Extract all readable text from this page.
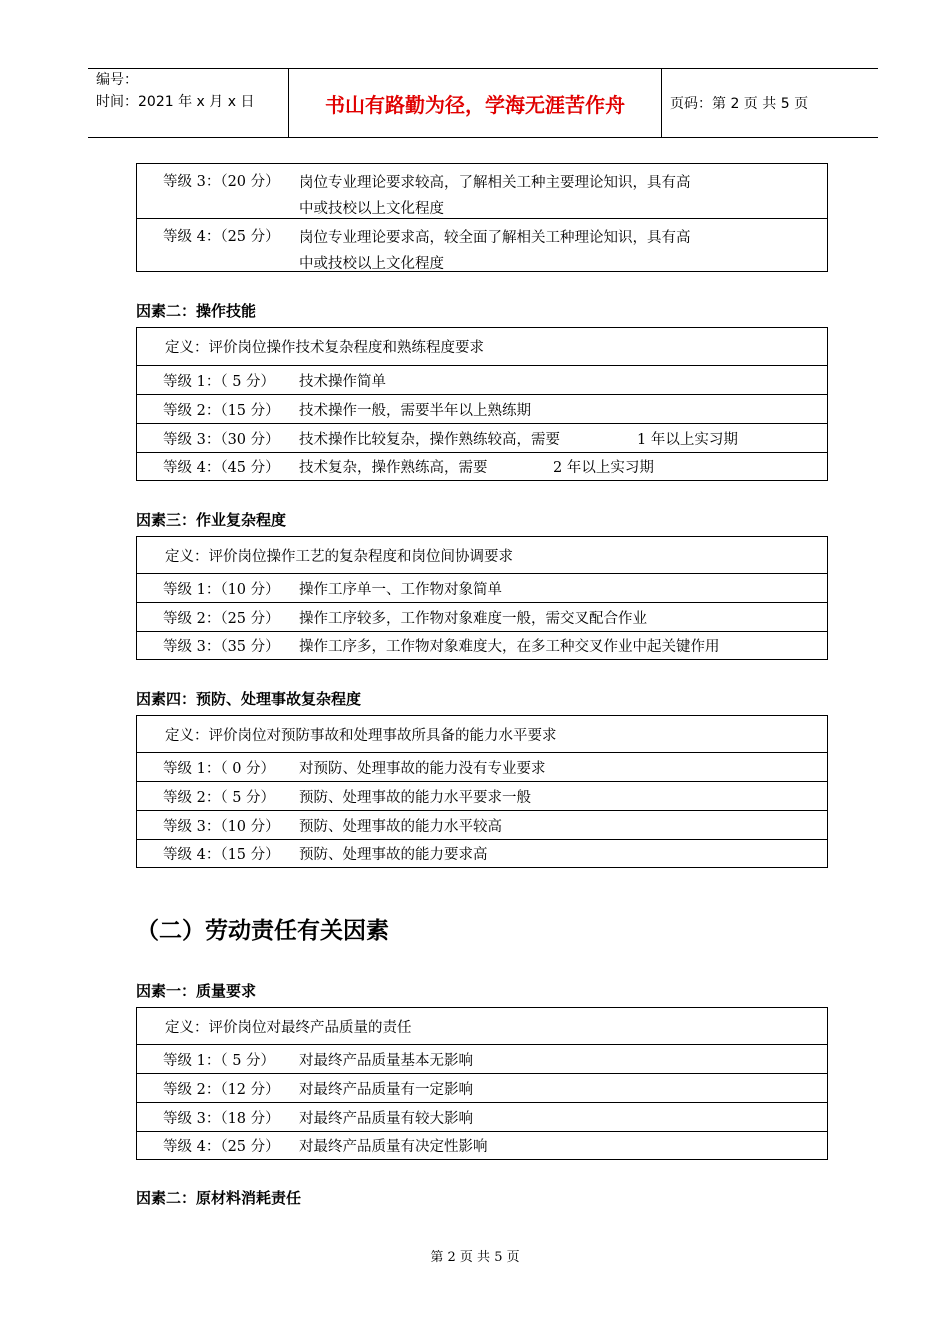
编号：
时间：2021 年 x 月 x 日	书山有路勤为径，学海无涯苦作舟	页码：第 2 页 共 5 页
等级 3：（20 分） 岗位专业理论要求较高，了解相关工种主要理论知识，具有高
中或技校以上文化程度
等级 4：（25 分） 岗位专业理论要求高，较全面了解相关工种理论知识，具有高
中或技校以上文化程度
因素二：操作技能
定义：评价岗位操作技术复杂程度和熟练程度要求
等级 1：（ 5 分） 技术操作简单
等级 2：（15 分） 技术操作一般，需要半年以上熟练期
等级 3：（30 分） 技术操作比较复杂，操作熟练较高，需要	1 年以上实习期
等级 4：（45 分） 技术复杂，操作熟练高，需要	2 年以上实习期
因素三：作业复杂程度
定义：评价岗位操作工艺的复杂程度和岗位间协调要求
等级 1：（10 分） 操作工序单一、工作物对象简单
等级 2：（25 分） 操作工序较多，工作物对象难度一般，需交叉配合作业
等级 3：（35 分） 操作工序多，工作物对象难度大，在多工种交叉作业中起关键作用
因素四：预防、处理事故复杂程度
定义：评价岗位对预防事故和处理事故所具备的能力水平要求
等级 1：（ 0 分） 对预防、处理事故的能力没有专业要求
等级 2：（ 5 分） 预防、处理事故的能力水平要求一般
等级 3：（10 分） 预防、处理事故的能力水平较高
等级 4：（15 分） 预防、处理事故的能力要求高
（二）劳动责任有关因素
因素一：质量要求
定义：评价岗位对最终产品质量的责任
等级 1：（ 5 分） 对最终产品质量基本无影响
等级 2：（12 分） 对最终产品质量有一定影响
等级 3：（18 分） 对最终产品质量有较大影响
等级 4：（25 分） 对最终产品质量有决定性影响
因素二：原材料消耗责任
第 2 页 共 5 页
